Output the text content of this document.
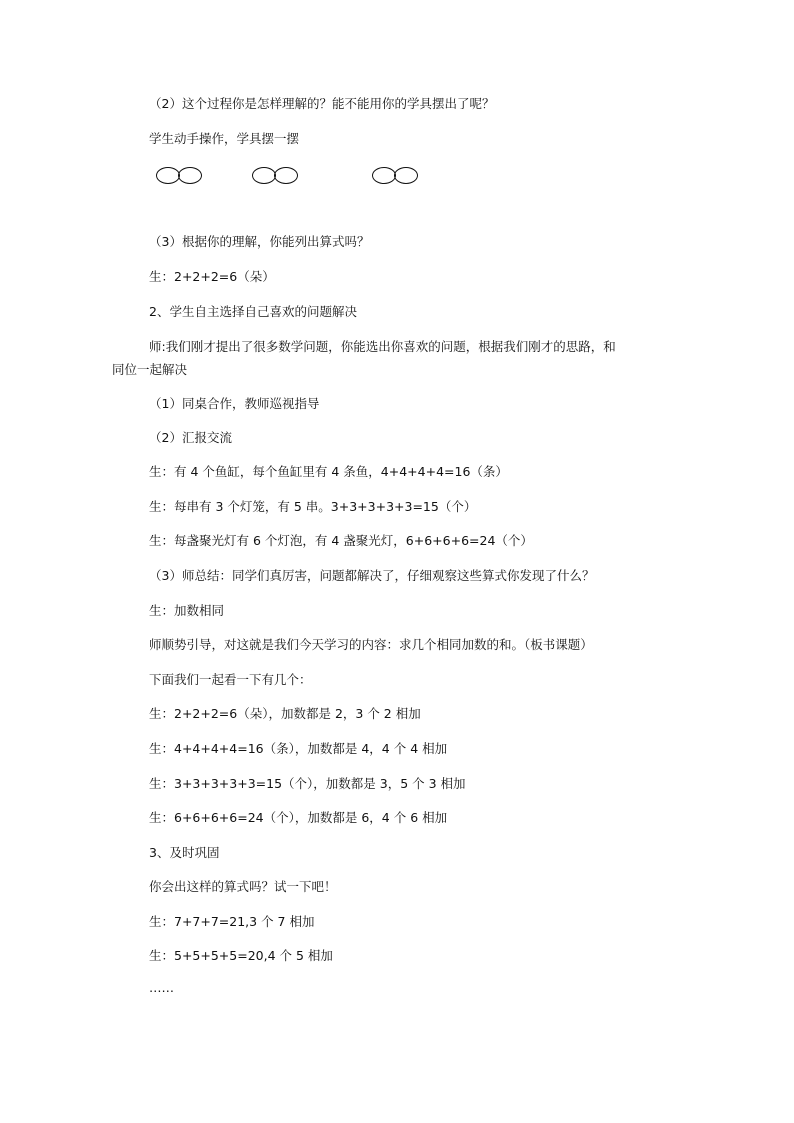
（2）这个过程你是怎样理解的？能不能用你的学具摆出了呢？
学生动手操作，学具摆一摆
（3）根据你的理解，你能列出算式吗？
生：2+2+2=6（朵）
2、学生自主选择自己喜欢的问题解决
师:我们刚才提出了很多数学问题，你能选出你喜欢的问题，根据我们刚才的思路，和
同位一起解决
（1）同桌合作，教师巡视指导
（2）汇报交流
生：有 4 个鱼缸，每个鱼缸里有 4 条鱼，4+4+4+4=16（条）
生：每串有 3 个灯笼，有 5 串。3+3+3+3+3=15（个）
生：每盏聚光灯有 6 个灯泡，有 4 盏聚光灯，6+6+6+6=24（个）
（3）师总结：同学们真厉害，问题都解决了，仔细观察这些算式你发现了什么？
生：加数相同
师顺势引导，对这就是我们今天学习的内容：求几个相同加数的和。（板书课题）
下面我们一起看一下有几个：
生：2+2+2=6（朵），加数都是 2，3 个 2 相加
生：4+4+4+4=16（条），加数都是 4，4 个 4 相加
生：3+3+3+3+3=15（个），加数都是 3，5 个 3 相加
生：6+6+6+6=24（个），加数都是 6，4 个 6 相加
3、及时巩固
你会出这样的算式吗？试一下吧！
生：7+7+7=21,3 个 7 相加
生：5+5+5+5=20,4 个 5 相加
……
